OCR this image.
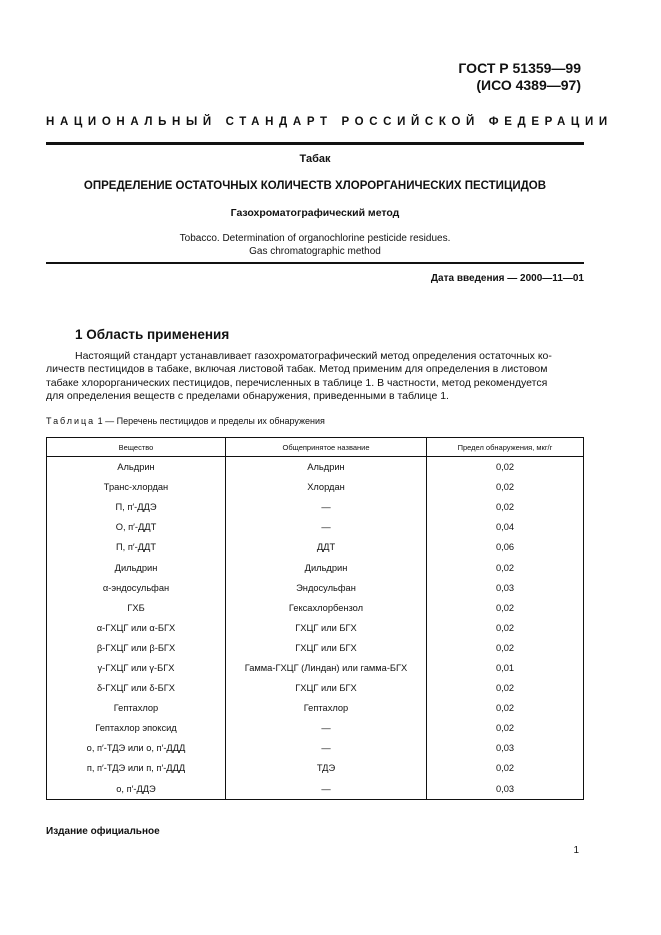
ГОСТ Р 51359—99
(ИСО 4389—97)
НАЦИОНАЛЬНЫЙ СТАНДАРТ РОССИЙСКОЙ ФЕДЕРАЦИИ
Табак
ОПРЕДЕЛЕНИЕ ОСТАТОЧНЫХ КОЛИЧЕСТВ ХЛОРОРГАНИЧЕСКИХ ПЕСТИЦИДОВ
Газохроматографический метод
Tobacco. Determination of organochlorine pesticide residues.
Gas chromatographic method
Дата введения — 2000—11—01
1 Область применения
Настоящий стандарт устанавливает газохроматографический метод определения остаточных ко-
личеств пестицидов в табаке, включая листовой табак. Метод применим для определения в листовом
табаке хлорорганических пестицидов, перечисленных в таблице 1. В частности, метод рекомендуется
для определения веществ с пределами обнаружения, приведенными в таблице 1.
Таблица 1 — Перечень пестицидов и пределы их обнаружения
Вещество	Общепринятое название	Предел обнаружения, мкг/г
Альдрин	Альдрин	0,02
Транс-хлордан	Хлордан	0,02
П, п′-ДДЭ	—	0,02
О, п′-ДДТ	—	0,04
П, п′-ДДТ	ДДТ	0,06
Дильдрин	Дильдрин	0,02
α-эндосульфан	Эндосульфан	0,03
ГХБ	Гексахлорбензол	0,02
α-ГХЦГ или α-БГХ	ГХЦГ или БГХ	0,02
β-ГХЦГ или β-БГХ	ГХЦГ или БГХ	0,02
γ-ГХЦГ или γ-БГХ	Гамма-ГХЦГ (Линдан) или гамма-БГХ	0,01
δ-ГХЦГ или δ-БГХ	ГХЦГ или БГХ	0,02
Гептахлор	Гептахлор	0,02
Гептахлор эпоксид	—	0,02
о, п′-ТДЭ или о, п′-ДДД	—	0,03
п, п′-ТДЭ или п, п′-ДДД	ТДЭ	0,02
о, п′-ДДЭ	—	0,03
Издание официальное
1
